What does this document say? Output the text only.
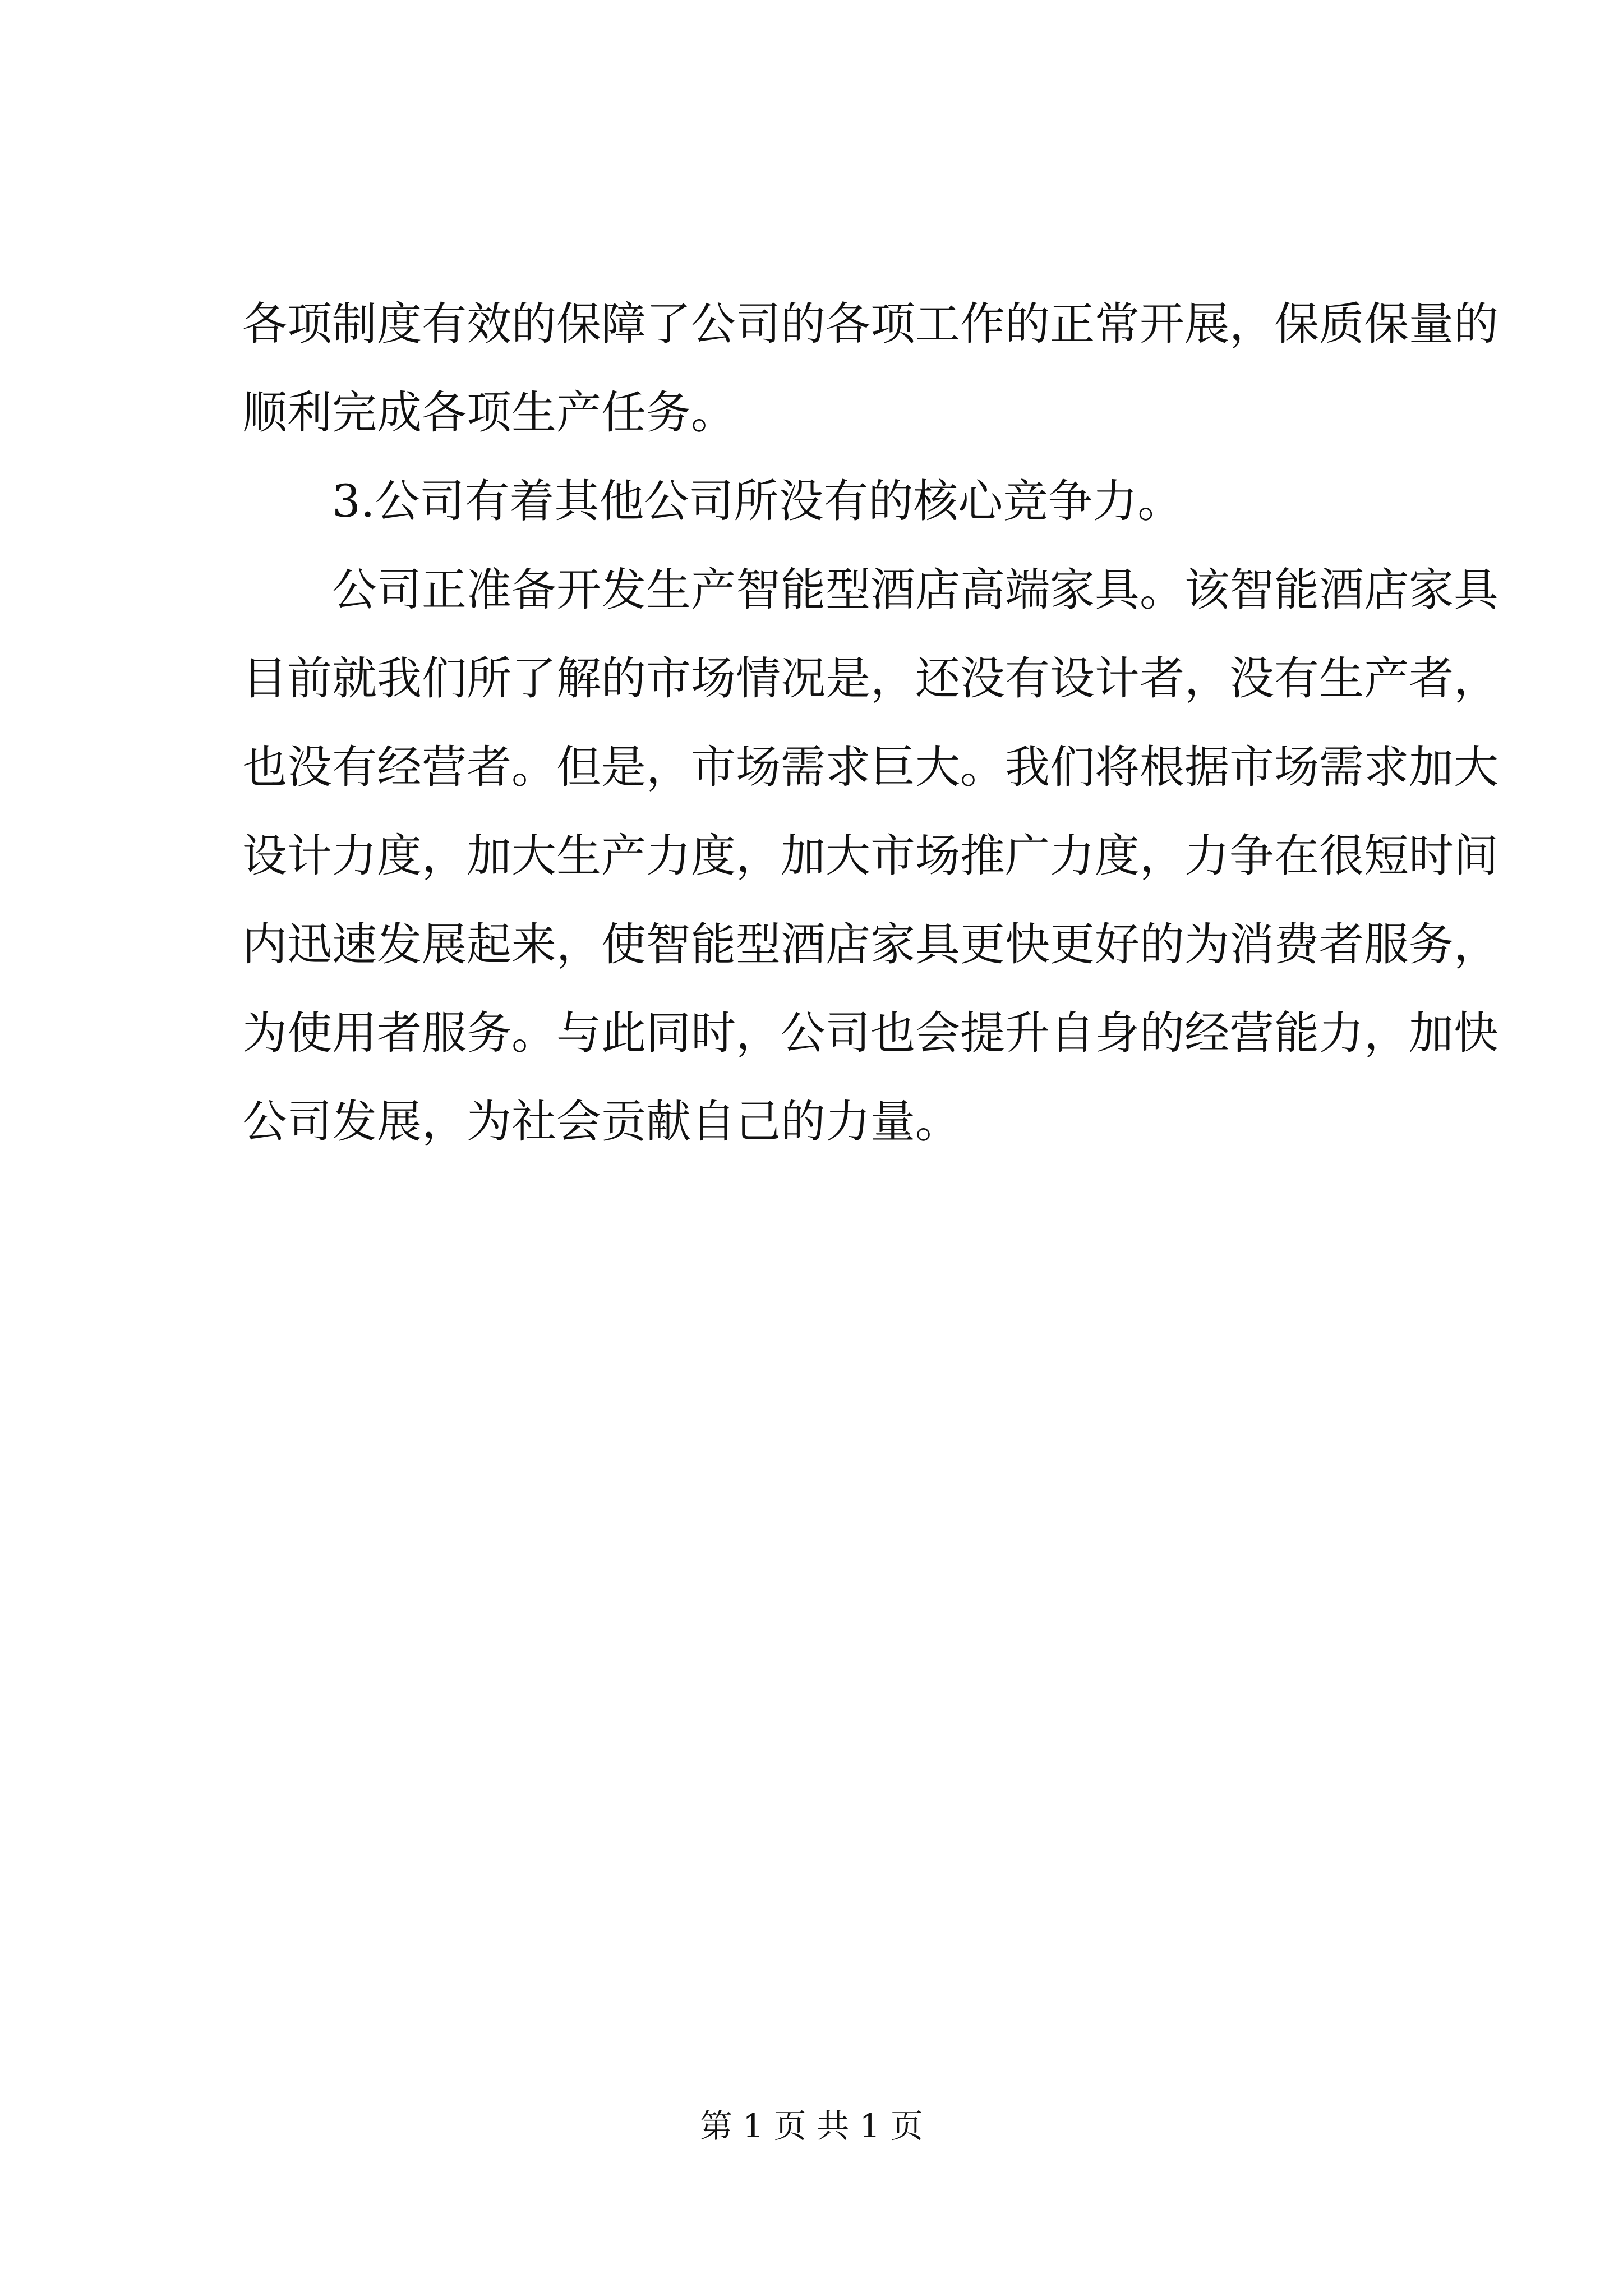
各项制度有效的保障了公司的各项工作的正常开展，保质保量的
顺利完成各项生产任务。
3.公司有着其他公司所没有的核心竞争力。
公司正准备开发生产智能型酒店高端家具。该智能酒店家具
目前就我们所了解的市场情况是，还没有设计者，没有生产者，
也没有经营者。但是，市场需求巨大。我们将根据市场需求加大
设计力度，加大生产力度，加大市场推广力度，力争在很短时间
内迅速发展起来，使智能型酒店家具更快更好的为消费者服务，
为使用者服务。与此同时，公司也会提升自身的经营能力，加快
公司发展，为社会贡献自己的力量。
第 1 页 共 1 页
